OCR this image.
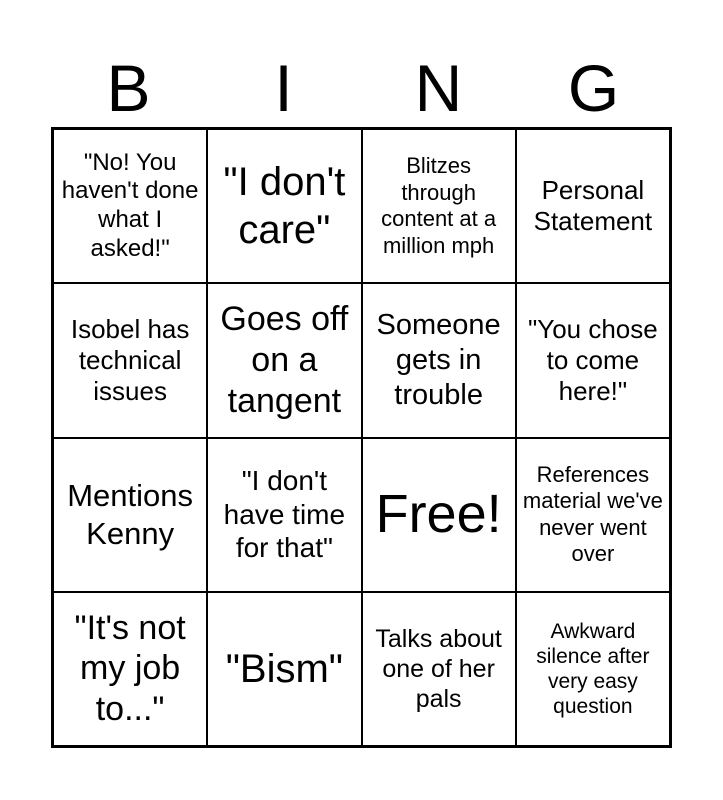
B	I	N	G
"No! You haven't done what I asked!"
"I don't care"
Blitzes through content at a million mph
Personal Statement
Isobel has technical issues
Goes off on a tangent
Someone gets in trouble
"You chose to come here!"
Mentions Kenny
"I don't have time for that"
Free!
References material we've never went over
"It's not my job to..."
"Bism"
Talks about one of her pals
Awkward silence after very easy question
